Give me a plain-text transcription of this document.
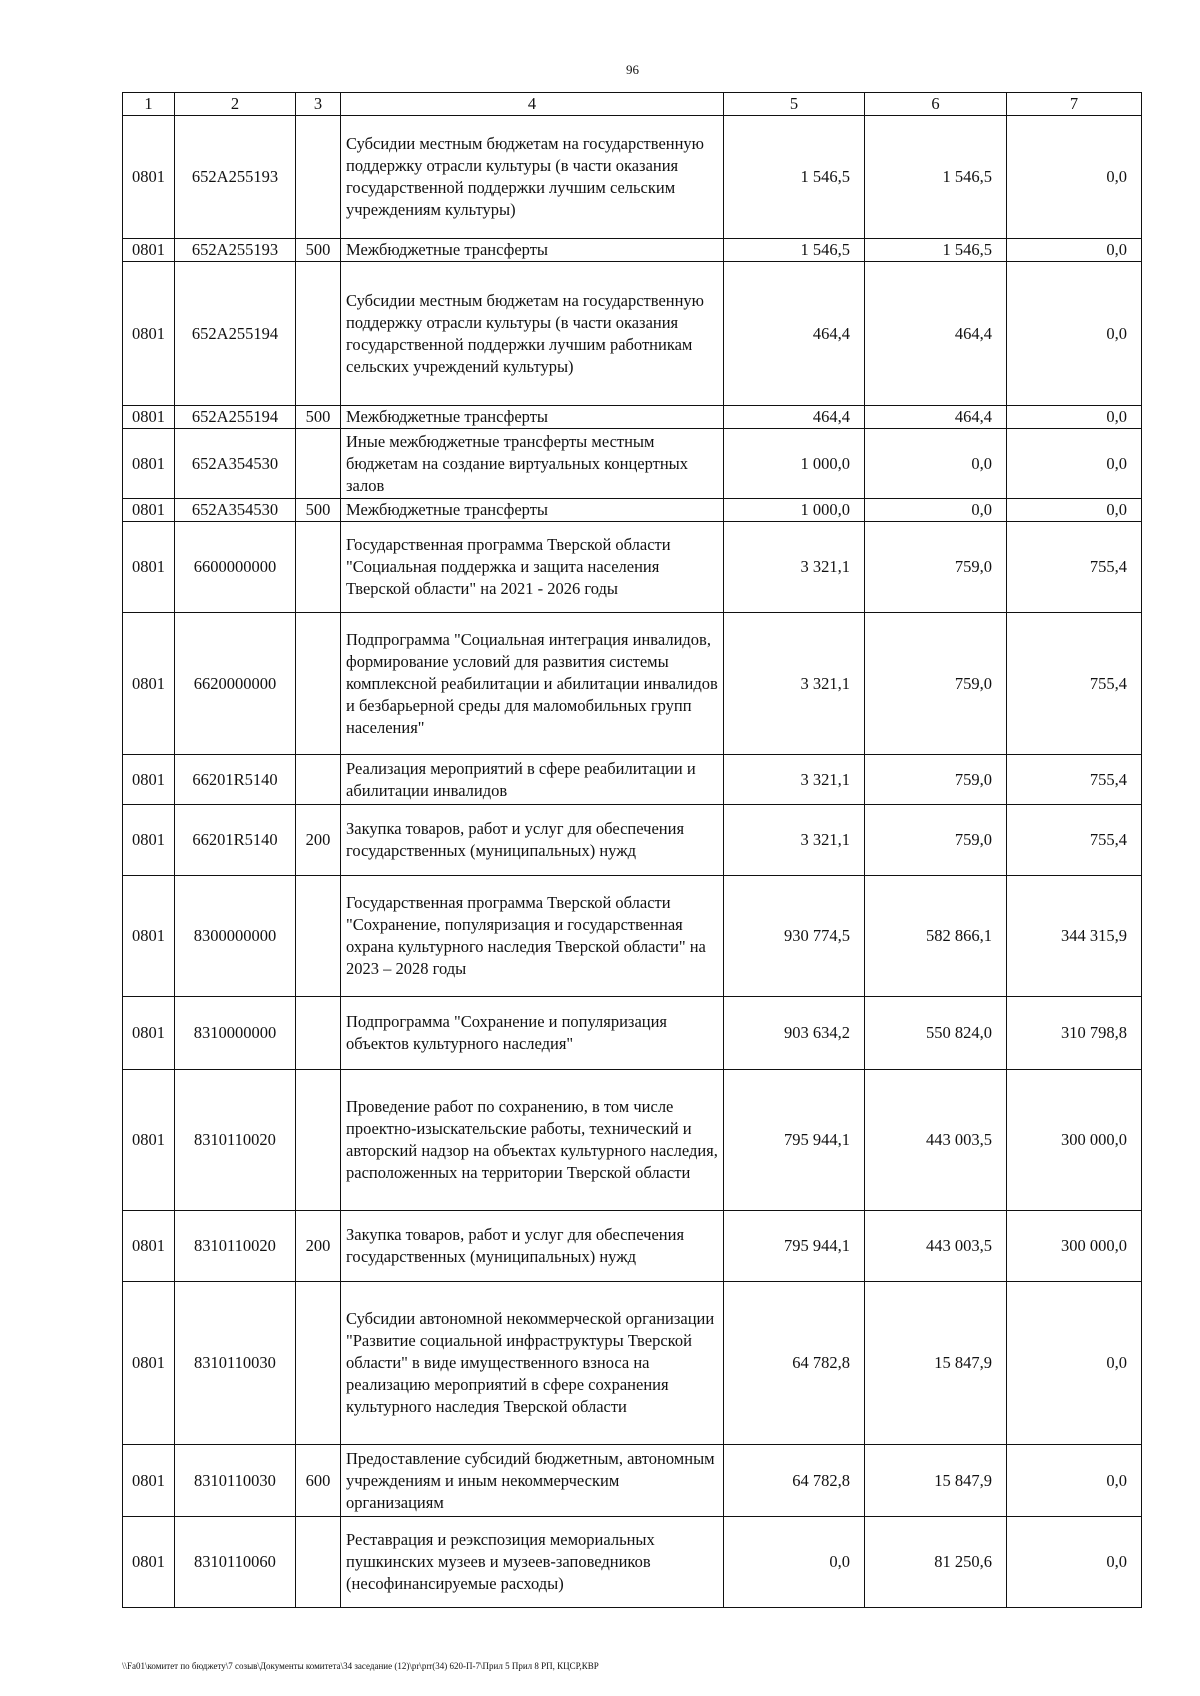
96
1	2	3	4	5	6	7
0801	652A255193		Субсидии местным бюджетам на государственную поддержку отрасли культуры (в части оказания государственной поддержки лучшим сельским учреждениям культуры)	1 546,5	1 546,5	0,0
0801	652A255193	500	Межбюджетные трансферты	1 546,5	1 546,5	0,0
0801	652A255194		Субсидии местным бюджетам на государственную поддержку отрасли культуры (в части оказания государственной поддержки лучшим работникам сельских учреждений культуры)	464,4	464,4	0,0
0801	652A255194	500	Межбюджетные трансферты	464,4	464,4	0,0
0801	652A354530		Иные межбюджетные трансферты местным бюджетам на создание виртуальных концертных залов	1 000,0	0,0	0,0
0801	652A354530	500	Межбюджетные трансферты	1 000,0	0,0	0,0
0801	6600000000		Государственная программа Тверской области "Социальная поддержка и защита населения Тверской области" на 2021 - 2026 годы	3 321,1	759,0	755,4
0801	6620000000		Подпрограмма "Социальная интеграция инвалидов, формирование условий для развития системы комплексной реабилитации и абилитации инвалидов и безбарьерной среды для маломобильных групп населения"	3 321,1	759,0	755,4
0801	66201R5140		Реализация мероприятий в сфере реабилитации и абилитации инвалидов	3 321,1	759,0	755,4
0801	66201R5140	200	Закупка товаров, работ и услуг для обеспечения государственных (муниципальных) нужд	3 321,1	759,0	755,4
0801	8300000000		Государственная программа Тверской области "Сохранение, популяризация и государственная охрана культурного наследия Тверской области" на 2023 – 2028 годы	930 774,5	582 866,1	344 315,9
0801	8310000000		Подпрограмма "Сохранение и популяризация объектов культурного наследия"	903 634,2	550 824,0	310 798,8
0801	8310110020		Проведение работ по сохранению, в том числе проектно-изыскательские работы, технический и авторский надзор на объектах культурного наследия, расположенных на территории Тверской области	795 944,1	443 003,5	300 000,0
0801	8310110020	200	Закупка товаров, работ и услуг для обеспечения государственных (муниципальных) нужд	795 944,1	443 003,5	300 000,0
0801	8310110030		Субсидии автономной некоммерческой организации "Развитие социальной инфраструктуры Тверской области" в виде имущественного взноса на реализацию мероприятий в сфере сохранения культурного наследия Тверской области	64 782,8	15 847,9	0,0
0801	8310110030	600	Предоставление субсидий бюджетным, автономным учреждениям и иным некоммерческим организациям	64 782,8	15 847,9	0,0
0801	8310110060		Реставрация и реэкспозиция мемориальных пушкинских музеев и музеев-заповедников (несофинансируемые расходы)	0,0	81 250,6	0,0
\\Fa01\комитет по бюджету\7 созыв\Документы комитета\34 заседание (12)\pr\prr(34) 620-П-7\Прил 5 Прил 8 РП, КЦСР,КВР
